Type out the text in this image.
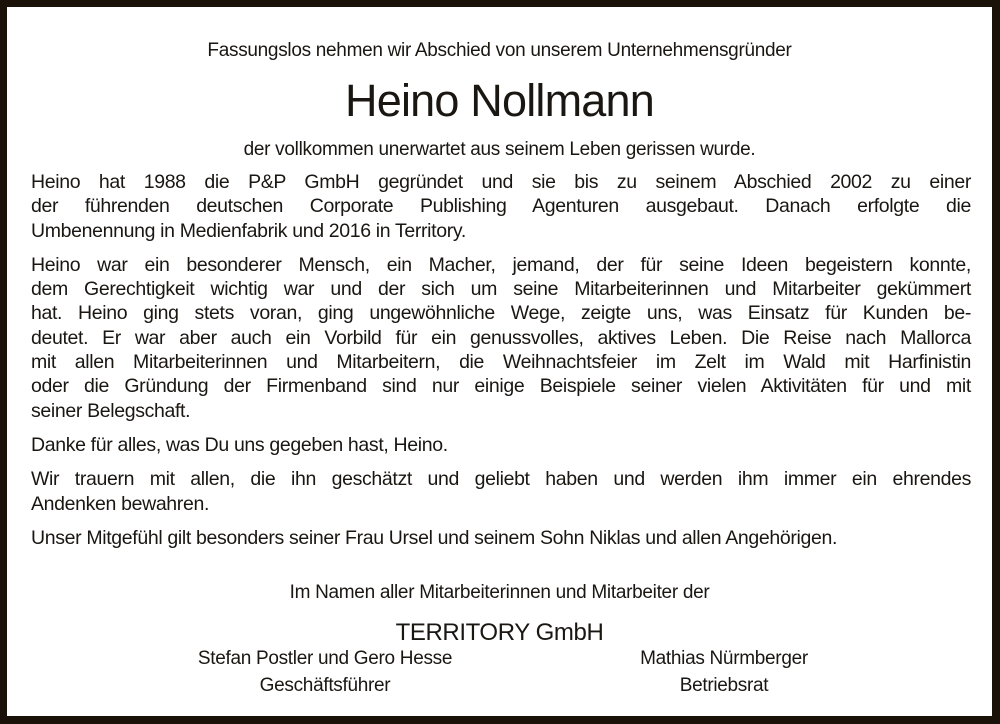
Fassungslos nehmen wir Abschied von unserem Unternehmensgründer
Heino Nollmann
der vollkommen unerwartet aus seinem Leben gerissen wurde.
Heino hat 1988 die P&P GmbH gegründet und sie bis zu seinem Abschied 2002 zu einer
der führenden deutschen Corporate Publishing Agenturen ausgebaut. Danach erfolgte die
Umbenennung in Medienfabrik und 2016 in Territory.
Heino war ein besonderer Mensch, ein Macher, jemand, der für seine Ideen begeistern konnte,
dem Gerechtigkeit wichtig war und der sich um seine Mitarbeiterinnen und Mitarbeiter gekümmert
hat. Heino ging stets voran, ging ungewöhnliche Wege, zeigte uns, was Einsatz für Kunden be-
deutet. Er war aber auch ein Vorbild für ein genussvolles, aktives Leben. Die Reise nach Mallorca
mit allen Mitarbeiterinnen und Mitarbeitern, die Weihnachtsfeier im Zelt im Wald mit Harfinistin
oder die Gründung der Firmenband sind nur einige Beispiele seiner vielen Aktivitäten für und mit
seiner Belegschaft.
Danke für alles, was Du uns gegeben hast, Heino.
Wir trauern mit allen, die ihn geschätzt und geliebt haben und werden ihm immer ein ehrendes
Andenken bewahren.
Unser Mitgefühl gilt besonders seiner Frau Ursel und seinem Sohn Niklas und allen Angehörigen.
Im Namen aller Mitarbeiterinnen und Mitarbeiter der
TERRITORY GmbH
Stefan Postler und Gero Hesse
Geschäftsführer
Mathias Nürmberger
Betriebsrat
